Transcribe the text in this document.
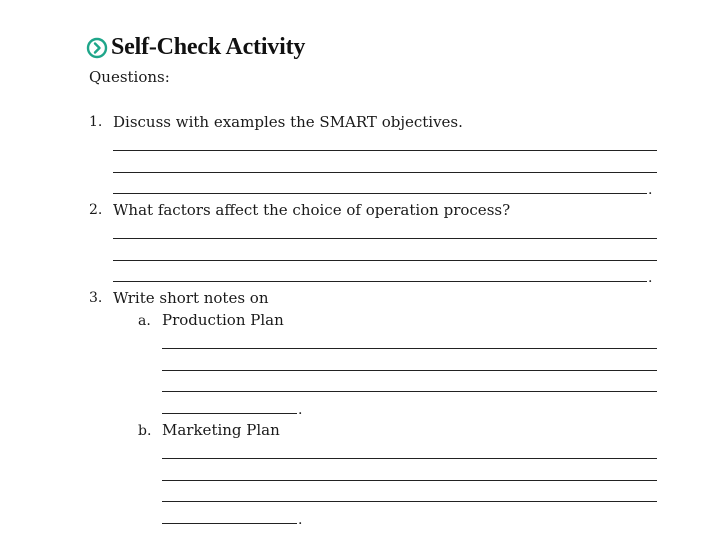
Self-Check Activity
Questions:
1. Discuss with examples the SMART objectives.
.
2. What factors affect the choice of operation process?
.
3. Write short notes on
a. Production Plan
.
b. Marketing Plan
.
